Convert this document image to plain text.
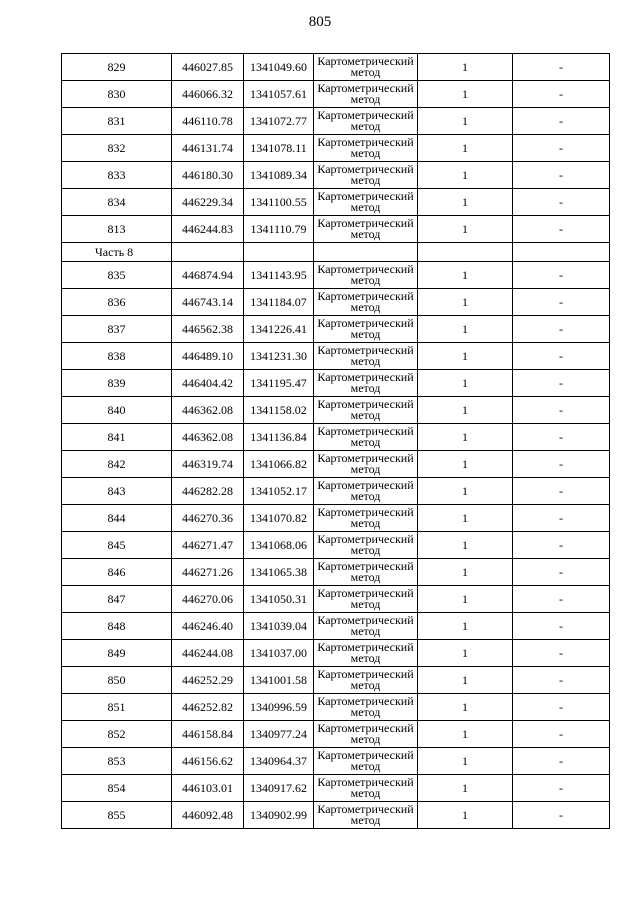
805
829	446027.85	1341049.60	Картометрический метод	1	-
830	446066.32	1341057.61	Картометрический метод	1	-
831	446110.78	1341072.77	Картометрический метод	1	-
832	446131.74	1341078.11	Картометрический метод	1	-
833	446180.30	1341089.34	Картометрический метод	1	-
834	446229.34	1341100.55	Картометрический метод	1	-
813	446244.83	1341110.79	Картометрический метод	1	-
Часть 8					
835	446874.94	1341143.95	Картометрический метод	1	-
836	446743.14	1341184.07	Картометрический метод	1	-
837	446562.38	1341226.41	Картометрический метод	1	-
838	446489.10	1341231.30	Картометрический метод	1	-
839	446404.42	1341195.47	Картометрический метод	1	-
840	446362.08	1341158.02	Картометрический метод	1	-
841	446362.08	1341136.84	Картометрический метод	1	-
842	446319.74	1341066.82	Картометрический метод	1	-
843	446282.28	1341052.17	Картометрический метод	1	-
844	446270.36	1341070.82	Картометрический метод	1	-
845	446271.47	1341068.06	Картометрический метод	1	-
846	446271.26	1341065.38	Картометрический метод	1	-
847	446270.06	1341050.31	Картометрический метод	1	-
848	446246.40	1341039.04	Картометрический метод	1	-
849	446244.08	1341037.00	Картометрический метод	1	-
850	446252.29	1341001.58	Картометрический метод	1	-
851	446252.82	1340996.59	Картометрический метод	1	-
852	446158.84	1340977.24	Картометрический метод	1	-
853	446156.62	1340964.37	Картометрический метод	1	-
854	446103.01	1340917.62	Картометрический метод	1	-
855	446092.48	1340902.99	Картометрический метод	1	-
